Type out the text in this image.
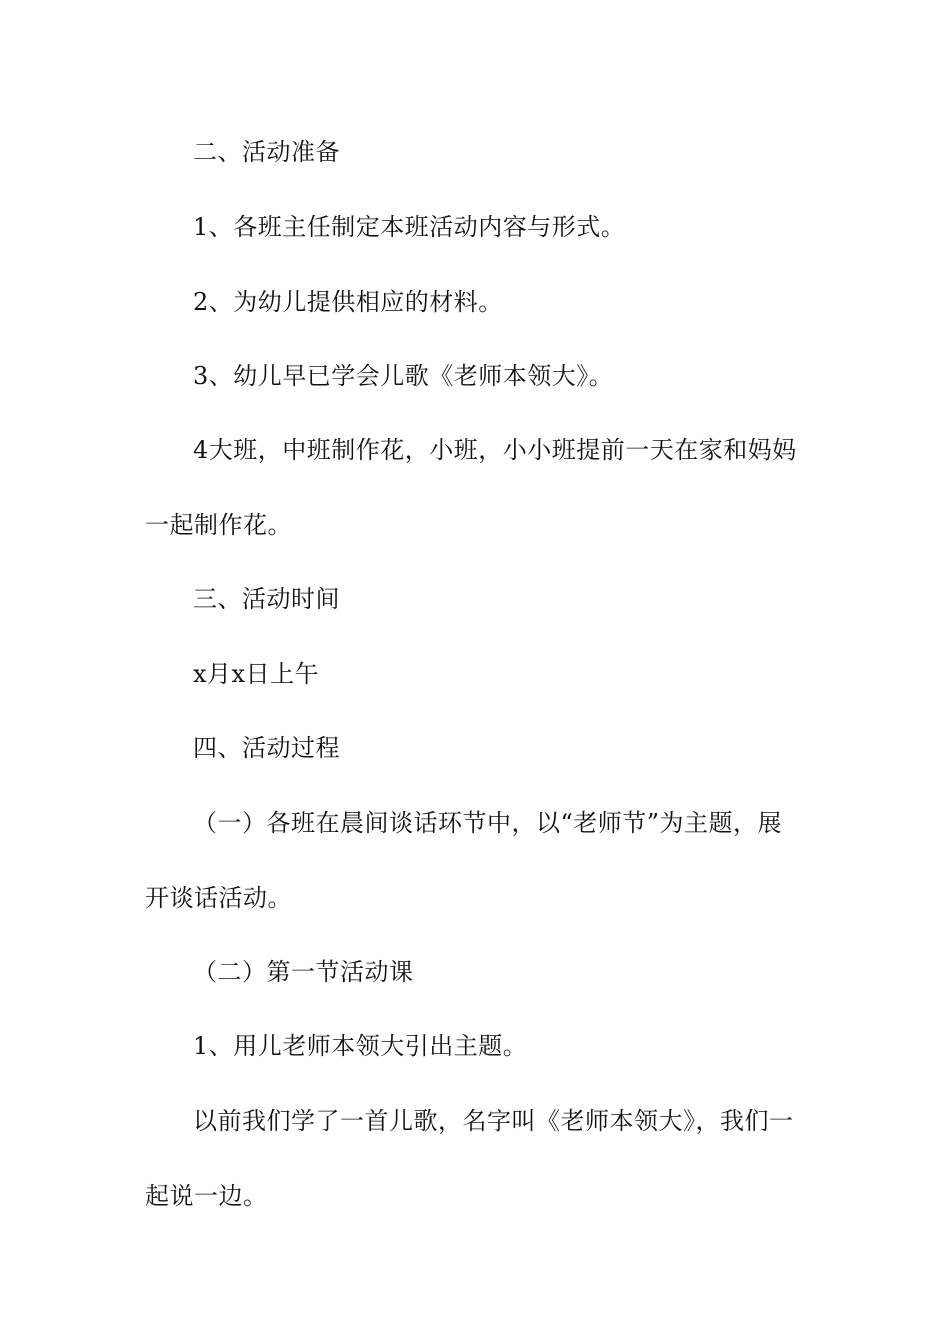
二、活动准备
1、各班主任制定本班活动内容与形式。
2、为幼儿提供相应的材料。
3、幼儿早已学会儿歌《老师本领大》。
4大班，中班制作花，小班，小小班提前一天在家和妈妈
一起制作花。
三、活动时间
x月x日上午
四、活动过程
（一）各班在晨间谈话环节中，以“老师节”为主题，展
开谈话活动。
（二）第一节活动课
1、用儿老师本领大引出主题。
以前我们学了一首儿歌，名字叫《老师本领大》，我们一
起说一边。
